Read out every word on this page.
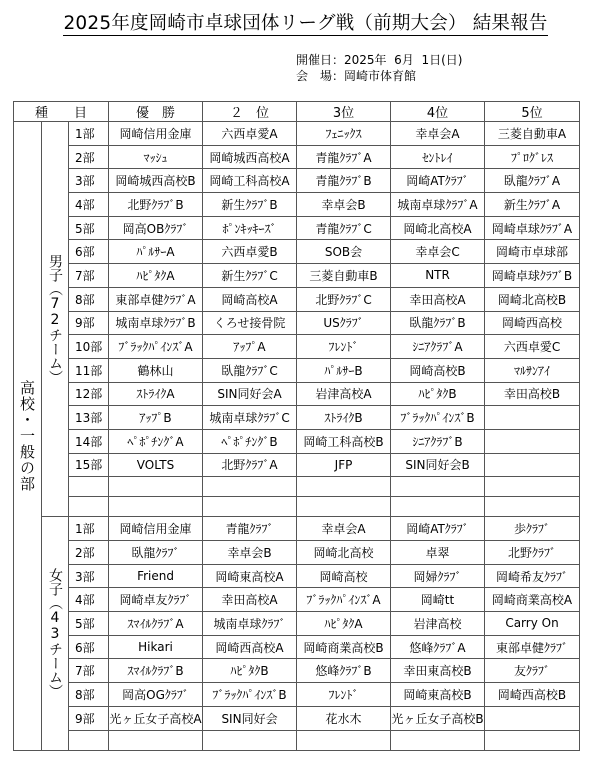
2025年度岡崎市卓球団体リーグ戦（前期大会） 結果報告
開催日：2025年  6月  1日(日)
会　場：岡崎市体育館
種   目			優　勝	２　位	3位	4位	5位
高校・一般の部	男子（72チーム）	1部	岡崎信用金庫	六西卓愛A	ﾌｪﾆｯｸｽ	幸卓会A	三菱自動車A
		2部	ﾏｯｼｭ	岡崎城西高校A	青龍ｸﾗﾌﾞA	ｾﾝﾄﾚｲ	ﾌﾟﾛｸﾞﾚｽ
		3部	岡崎城西高校B	岡崎工科高校A	青龍ｸﾗﾌﾞB	岡崎ATｸﾗﾌﾞ	臥龍ｸﾗﾌﾞA
		4部	北野ｸﾗﾌﾞB	新生ｸﾗﾌﾞB	幸卓会B	城南卓球ｸﾗﾌﾞA	新生ｸﾗﾌﾞA
		5部	岡高OBｸﾗﾌﾞ	ﾎﾟﾝｷｯｷｰｽﾞ	青龍ｸﾗﾌﾞC	岡崎北高校A	岡崎卓球ｸﾗﾌﾞA
		6部	ﾊﾟﾙｻｰA	六西卓愛B	SOB会	幸卓会C	岡崎市卓球部
		7部	ﾊﾋﾟﾀｸA	新生ｸﾗﾌﾞC	三菱自動車B	NTR	岡崎卓球ｸﾗﾌﾞB
		8部	東部卓健ｸﾗﾌﾞA	岡崎高校A	北野ｸﾗﾌﾞC	幸田高校A	岡崎北高校B
		9部	城南卓球ｸﾗﾌﾞB	くろせ接骨院	USｸﾗﾌﾞ	臥龍ｸﾗﾌﾞB	岡崎西高校
		10部	ﾌﾞﾗｯｸﾊﾟｲﾝｽﾞA	ｱｯﾌﾟA	ﾌﾚﾝﾄﾞ	ｼﾆｱｸﾗﾌﾞA	六西卓愛C
		11部	鶴林山	臥龍ｸﾗﾌﾞC	ﾊﾟﾙｻｰB	岡崎高校B	ﾏﾙｻﾝｱｲ
		12部	ｽﾄﾗｲｸA	SIN同好会A	岩津高校A	ﾊﾋﾟﾀｸB	幸田高校B
		13部	ｱｯﾌﾟB	城南卓球ｸﾗﾌﾞC	ｽﾄﾗｲｸB	ﾌﾞﾗｯｸﾊﾟｲﾝｽﾞB	
		14部	ﾍﾟﾎﾟﾁﾝｸﾞA	ﾍﾟﾎﾟﾁﾝｸﾞB	岡崎工科高校B	ｼﾆｱｸﾗﾌﾞB	
		15部	VOLTS	北野ｸﾗﾌﾞA	JFP	SIN同好会B	

	女子（43チーム）	1部	岡崎信用金庫	青龍ｸﾗﾌﾞ	幸卓会A	岡崎ATｸﾗﾌﾞ	歩ｸﾗﾌﾞ
		2部	臥龍ｸﾗﾌﾞ	幸卓会B	岡崎北高校	卓翠	北野ｸﾗﾌﾞ
		3部	Friend	岡崎東高校A	岡崎高校	岡婦ｸﾗﾌﾞ	岡崎希友ｸﾗﾌﾞ
		4部	岡崎卓友ｸﾗﾌﾞ	幸田高校A	ﾌﾞﾗｯｸﾊﾟｲﾝｽﾞA	岡崎tt	岡崎商業高校A
		5部	ｽﾏｲﾙｸﾗﾌﾞA	城南卓球ｸﾗﾌﾞ	ﾊﾋﾟﾀｸA	岩津高校	Carry On
		6部	Hikari	岡崎西高校A	岡崎商業高校B	悠峰ｸﾗﾌﾞA	東部卓健ｸﾗﾌﾞ
		7部	ｽﾏｲﾙｸﾗﾌﾞB	ﾊﾋﾟﾀｸB	悠峰ｸﾗﾌﾞB	幸田東高校B	友ｸﾗﾌﾞ
		8部	岡高OGｸﾗﾌﾞ	ﾌﾞﾗｯｸﾊﾟｲﾝｽﾞB	ﾌﾚﾝﾄﾞ	岡崎東高校B	岡崎西高校B
		9部	光ヶ丘女子高校A	SIN同好会	花水木	光ヶ丘女子高校B	
